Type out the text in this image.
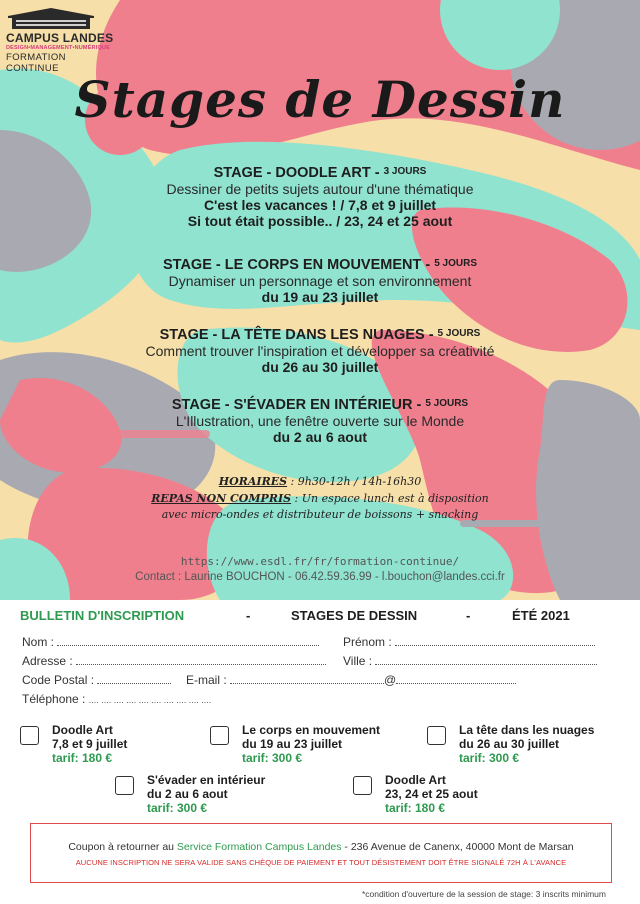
CAMPUS LANDES
DESIGN•MANAGEMENT•NUMÉRIQUE
FORMATION CONTINUE
Stages de Dessin
STAGE - DOODLE ART - $^{3 JOURS}$
Dessiner de petits sujets autour d'une thématique
C'est les vacances ! / 7,8 et 9 juillet
Si tout était possible.. / 23, 24 et 25 aout
STAGE - LE CORPS EN MOUVEMENT - $^{5 JOURS}$
Dynamiser un personnage et son environnement
du 19 au 23 juillet
STAGE - LA TÊTE DANS LES NUAGES - $^{5 JOURS}$
Comment trouver l'inspiration et développer sa créativité
du 26 au 30 juillet
STAGE - S'ÉVADER EN INTÉRIEUR - $^{5 JOURS}$
L'Illustration, une fenêtre ouverte sur le Monde
du 2 au 6 aout
HORAIRES : 9h30-12h / 14h-16h30
REPAS NON COMPRIS : Un espace lunch est à disposition
avec micro-ondes et distributeur de boissons + snacking
https://www.esdl.fr/fr/formation-continue/
Contact : Laurine BOUCHON - 06.42.59.36.99 - l.bouchon@landes.cci.fr
BULLETIN D'INSCRIPTION	-	STAGES DE DESSIN	-	ÉTÉ 2021
Nom :	Prénom :
Adresse :	Ville :
Code Postal :	E-mail :	@
Téléphone : .... .... .... .... .... .... .... .... .... ....
Doodle Art
7,8 et 9 juillet
tarif: 180 €
Le corps en mouvement
du 19 au 23 juillet
tarif: 300 €
La tête dans les nuages
du 26 au 30 juillet
tarif: 300 €
S'évader en intérieur
du 2 au 6 aout
tarif: 300 €
Doodle Art
23, 24 et 25 aout
tarif: 180 €
Coupon à retourner au Service Formation Campus Landes - 236 Avenue de Canenx, 40000 Mont de Marsan
AUCUNE INSCRIPTION NE SERA VALIDE SANS CHÈQUE DE PAIEMENT ET TOUT DÉSISTEMENT DOIT ÊTRE SIGNALÉ 72H À L'AVANCE
*condition d'ouverture de la session de stage: 3 inscrits minimum
